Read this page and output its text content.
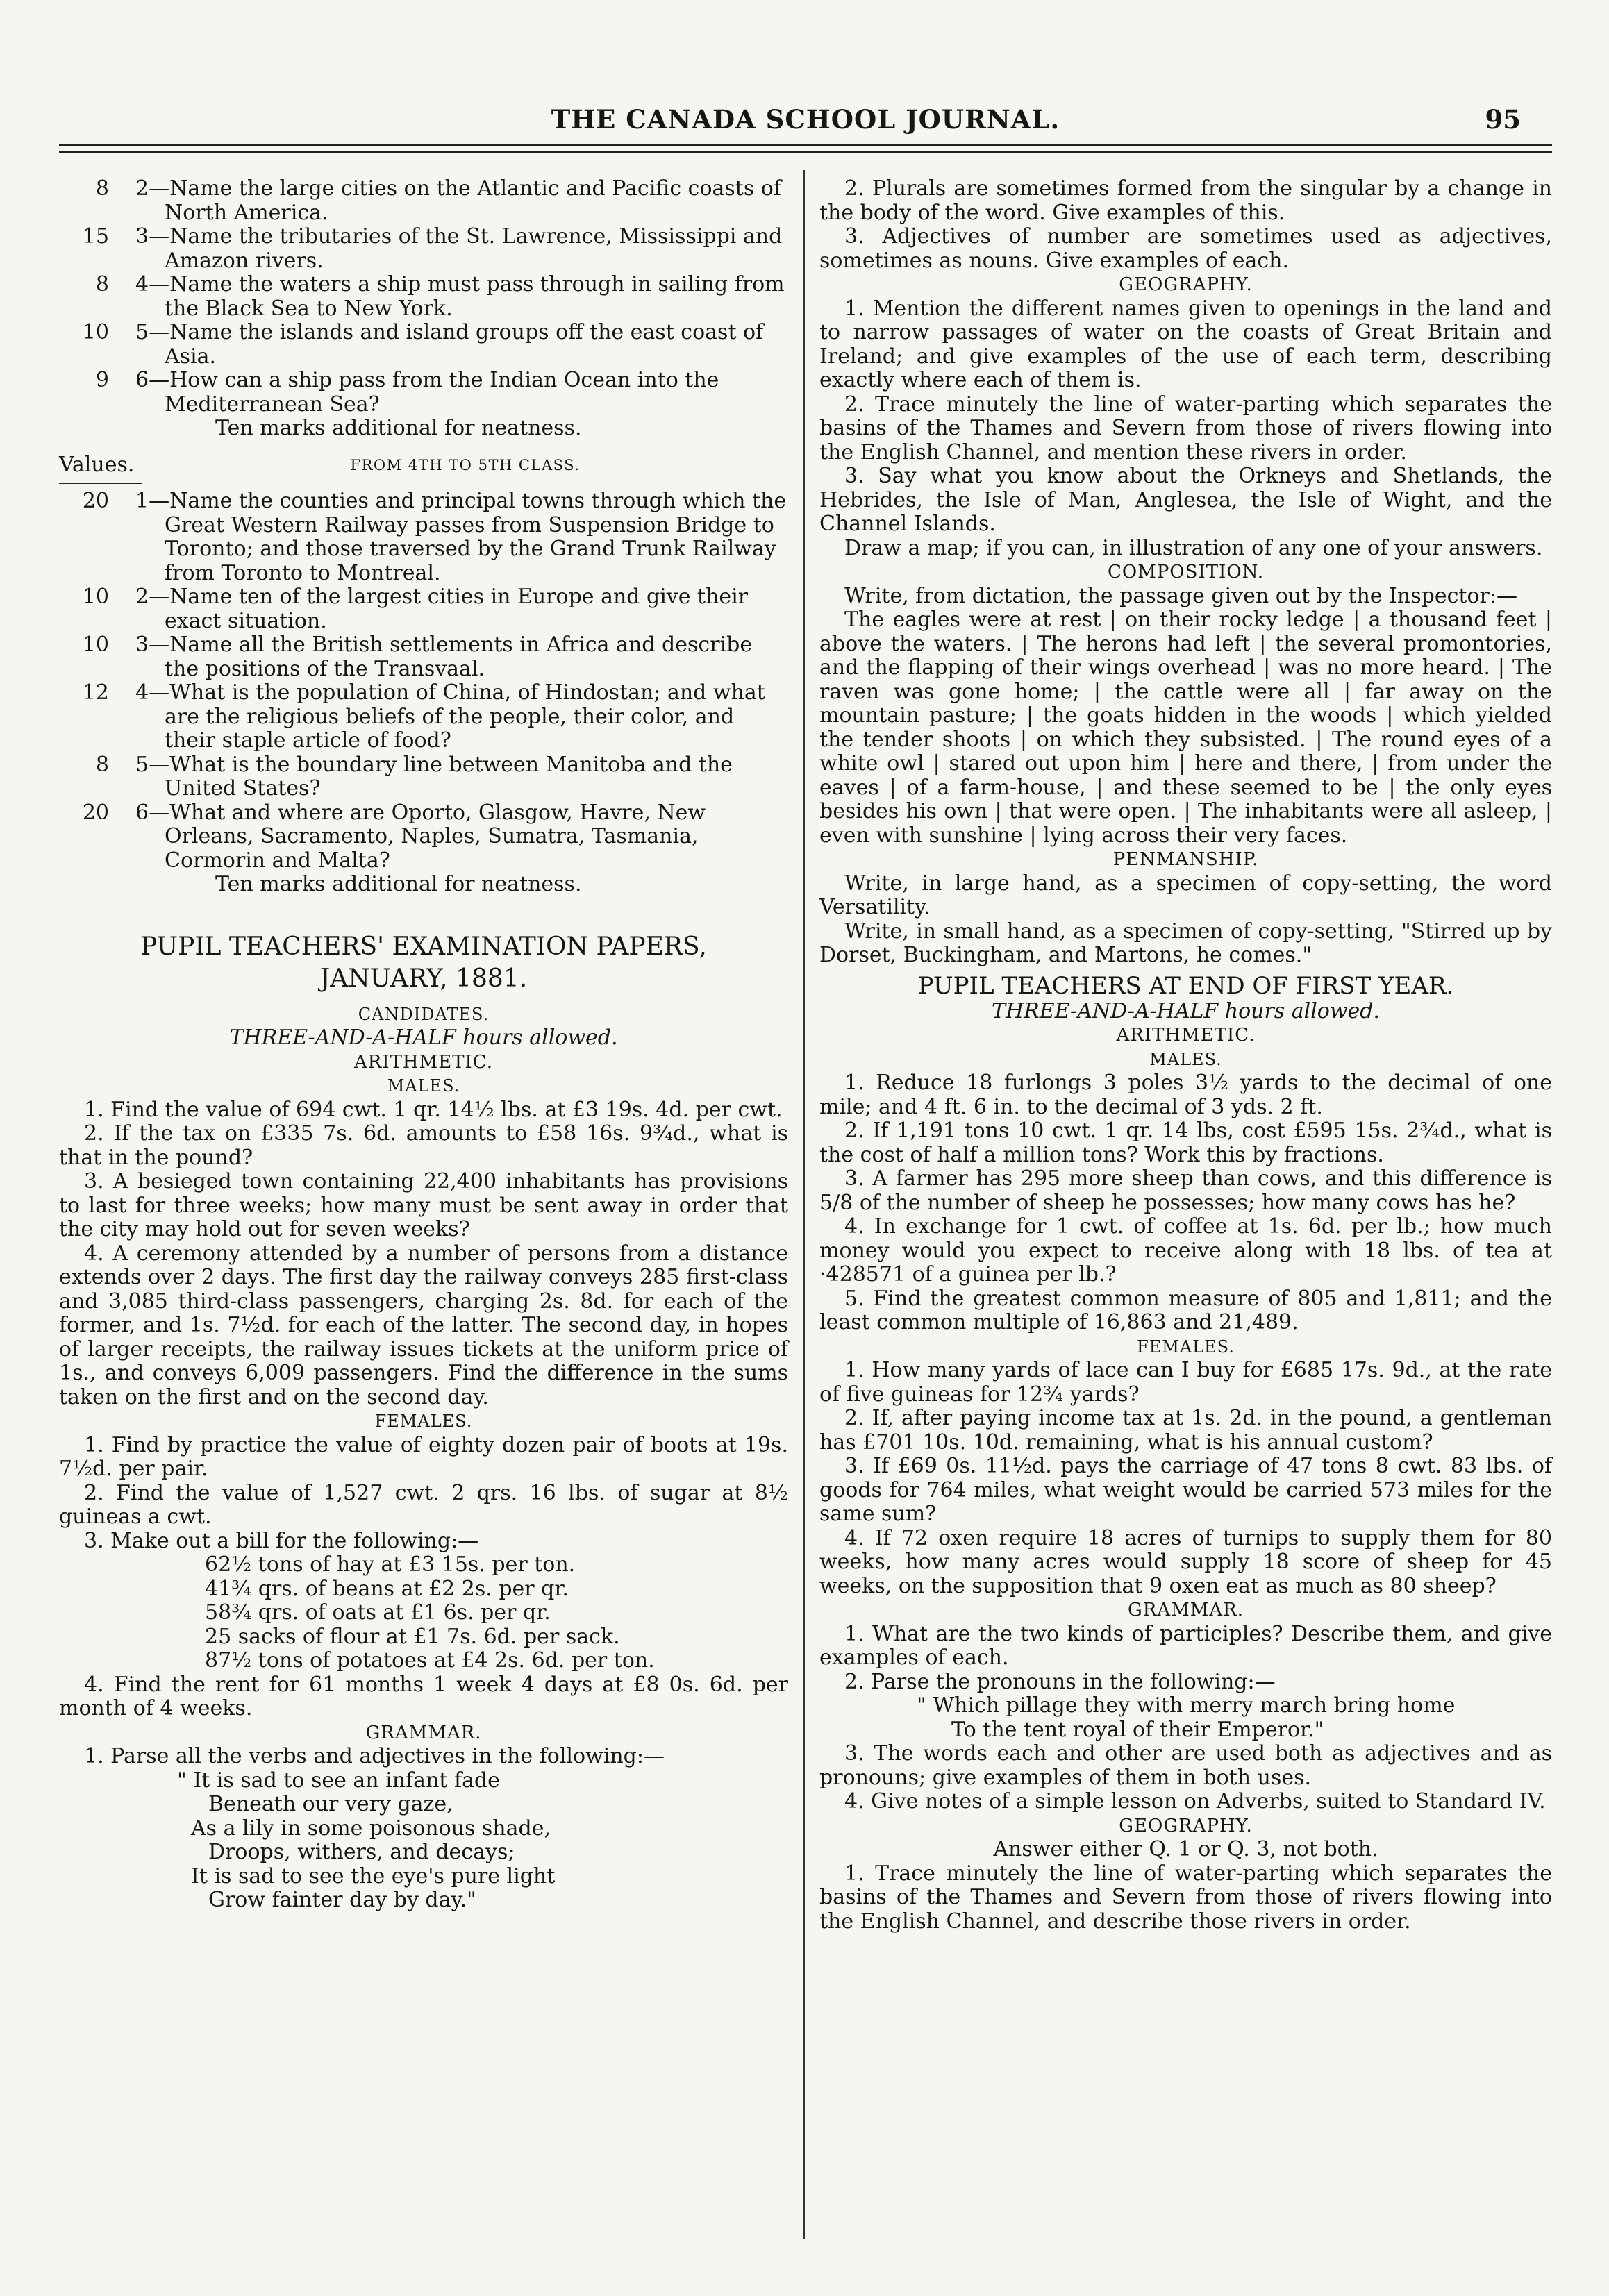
THE CANADA SCHOOL JOURNAL.	95
8 2—Name the large cities on the Atlantic and Pacific coasts of North America.
15 3—Name the tributaries of the St. Lawrence, Mississippi and Amazon rivers.
8 4—Name the waters a ship must pass through in sailing from the Black Sea to New York.
10 5—Name the islands and island groups off the east coast of Asia.
9 6—How can a ship pass from the Indian Ocean into the Mediterranean Sea?
Ten marks additional for neatness.
Values.	FROM 4TH TO 5TH CLASS.
20 1—Name the counties and principal towns through which the Great Western Railway passes from Suspension Bridge to Toronto; and those traversed by the Grand Trunk Railway from Toronto to Montreal.
10 2—Name ten of the largest cities in Europe and give their exact situation.
10 3—Name all the British settlements in Africa and describe the positions of the Transvaal.
12 4—What is the population of China, of Hindostan; and what are the religious beliefs of the people, their color, and their staple article of food?
8 5—What is the boundary line between Manitoba and the United States?
20 6—What and where are Oporto, Glasgow, Havre, New Orleans, Sacramento, Naples, Sumatra, Tasmania, Cormorin and Malta?
Ten marks additional for neatness.
PUPIL TEACHERS' EXAMINATION PAPERS,
JANUARY, 1881.
CANDIDATES.
THREE-AND-A-HALF hours allowed.
ARITHMETIC.
MALES.
1. Find the value of 694 cwt. 1 qr. 14½ lbs. at £3 19s. 4d. per cwt.
2. If the tax on £335 7s. 6d. amounts to £58 16s. 9¾d., what is that in the pound?
3. A besieged town containing 22,400 inhabitants has provisions to last for three weeks; how many must be sent away in order that the city may hold out for seven weeks?
4. A ceremony attended by a number of persons from a distance extends over 2 days. The first day the railway conveys 285 first-class and 3,085 third-class passengers, charging 2s. 8d. for each of the former, and 1s. 7½d. for each of the latter. The second day, in hopes of larger receipts, the railway issues tickets at the uniform price of 1s., and conveys 6,009 passengers. Find the difference in the sums taken on the first and on the second day.
FEMALES.
1. Find by practice the value of eighty dozen pair of boots at 19s. 7½d. per pair.
2. Find the value of 1,527 cwt. 2 qrs. 16 lbs. of sugar at 8½ guineas a cwt.
3. Make out a bill for the following:—
62½ tons of hay at £3 15s. per ton.
41¾ qrs. of beans at £2 2s. per qr.
58¾ qrs. of oats at £1 6s. per qr.
25 sacks of flour at £1 7s. 6d. per sack.
87½ tons of potatoes at £4 2s. 6d. per ton.
4. Find the rent for 61 months 1 week 4 days at £8 0s. 6d. per month of 4 weeks.
GRAMMAR.
1. Parse all the verbs and adjectives in the following:—
" It is sad to see an infant fade
Beneath our very gaze,
As a lily in some poisonous shade,
Droops, withers, and decays;
It is sad to see the eye's pure light
Grow fainter day by day."
2. Plurals are sometimes formed from the singular by a change in the body of the word. Give examples of this.
3. Adjectives of number are sometimes used as adjectives, sometimes as nouns. Give examples of each.
GEOGRAPHY.
1. Mention the different names given to openings in the land and to narrow passages of water on the coasts of Great Britain and Ireland; and give examples of the use of each term, describing exactly where each of them is.
2. Trace minutely the line of water-parting which separates the basins of the Thames and Severn from those of rivers flowing into the English Channel, and mention these rivers in order.
3. Say what you know about the Orkneys and Shetlands, the Hebrides, the Isle of Man, Anglesea, the Isle of Wight, and the Channel Islands.
Draw a map; if you can, in illustration of any one of your answers.
COMPOSITION.
Write, from dictation, the passage given out by the Inspector:—
The eagles were at rest | on their rocky ledge | a thousand feet | above the waters. | The herons had left | the several promontories, and the flapping of their wings overhead | was no more heard. | The raven was gone home; | the cattle were all | far away on the mountain pasture; | the goats hidden in the woods | which yielded the tender shoots | on which they subsisted. | The round eyes of a white owl | stared out upon him | here and there, | from under the eaves | of a farm-house, | and these seemed to be | the only eyes besides his own | that were open. | The inhabitants were all asleep, | even with sunshine | lying across their very faces.
PENMANSHIP.
Write, in large hand, as a specimen of copy-setting, the word Versatility.
Write, in small hand, as a specimen of copy-setting, "Stirred up by Dorset, Buckingham, and Martons, he comes."
PUPIL TEACHERS AT END OF FIRST YEAR.
THREE-AND-A-HALF hours allowed.
ARITHMETIC.
MALES.
1. Reduce 18 furlongs 3 poles 3½ yards to the decimal of one mile; and 4 ft. 6 in. to the decimal of 3 yds. 2 ft.
2. If 1,191 tons 10 cwt. 1 qr. 14 lbs, cost £595 15s. 2¾d., what is the cost of half a million tons? Work this by fractions.
3. A farmer has 295 more sheep than cows, and this difference is 5/8 of the number of sheep he possesses; how many cows has he?
4. In exchange for 1 cwt. of coffee at 1s. 6d. per lb.; how much money would you expect to receive along with 18 lbs. of tea at ·428571 of a guinea per lb.?
5. Find the greatest common measure of 805 and 1,811; and the least common multiple of 16,863 and 21,489.
FEMALES.
1. How many yards of lace can I buy for £685 17s. 9d., at the rate of five guineas for 12¾ yards?
2. If, after paying income tax at 1s. 2d. in the pound, a gentleman has £701 10s. 10d. remaining, what is his annual custom?
3. If £69 0s. 11½d. pays the carriage of 47 tons 8 cwt. 83 lbs. of goods for 764 miles, what weight would be carried 573 miles for the same sum?
4. If 72 oxen require 18 acres of turnips to supply them for 80 weeks, how many acres would supply 18 score of sheep for 45 weeks, on the supposition that 9 oxen eat as much as 80 sheep?
GRAMMAR.
1. What are the two kinds of participles? Describe them, and give examples of each.
2. Parse the pronouns in the following:—
" Which pillage they with merry march bring home
To the tent royal of their Emperor."
3. The words each and other are used both as adjectives and as pronouns; give examples of them in both uses.
4. Give notes of a simple lesson on Adverbs, suited to Standard IV.
GEOGRAPHY.
Answer either Q. 1 or Q. 3, not both.
1. Trace minutely the line of water-parting which separates the basins of the Thames and Severn from those of rivers flowing into the English Channel, and describe those rivers in order.
